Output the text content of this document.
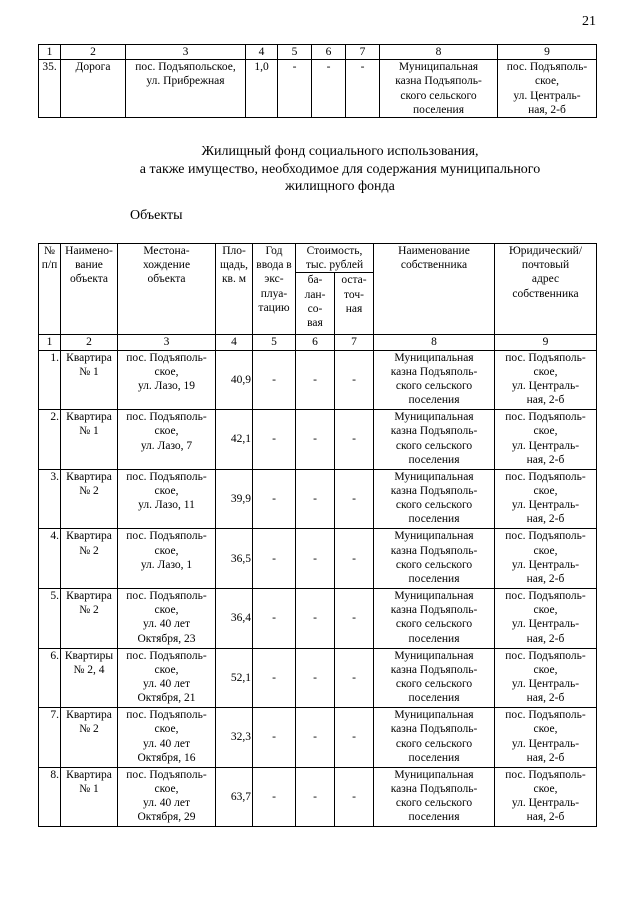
21
1	2	3	4	5	6	7	8	9
35.	Дорога	пос. Подъяпольское,
ул. Прибрежная	1,0	-	-	-	Муниципальная
казна Подъяполь-
ского сельского
поселения	пос. Подъяполь-
ское,
ул. Централь-
ная, 2-б
Жилищный фонд социального использования,
а также имущество, необходимое для содержания муниципального
жилищного фонда
Объекты
№
п/п	Наимено-
вание
объекта	Местона-
хождение
объекта	Пло-
щадь,
кв. м	Год
ввода в
экс-
плуа-
тацию	Стоимость,
тыс. рублей		Наименование
собственника	Юридический/
почтовый
адрес
собственника
					ба-
лан-
со-
вая	оста-
точ-
ная		
1	2	3	4	5	6	7	8	9
1.	Квартира
№ 1	пос. Подъяполь-
ское,
ул. Лазо, 19	40,9	-	-	-	Муниципальная
казна Подъяполь-
ского сельского
поселения	пос. Подъяполь-
ское,
ул. Централь-
ная, 2-б
2.	Квартира
№ 1	пос. Подъяполь-
ское,
ул. Лазо, 7	42,1	-	-	-	Муниципальная
казна Подъяполь-
ского сельского
поселения	пос. Подъяполь-
ское,
ул. Централь-
ная, 2-б
3.	Квартира
№ 2	пос. Подъяполь-
ское,
ул. Лазо, 11	39,9	-	-	-	Муниципальная
казна Подъяполь-
ского сельского
поселения	пос. Подъяполь-
ское,
ул. Централь-
ная, 2-б
4.	Квартира
№ 2	пос. Подъяполь-
ское,
ул. Лазо, 1	36,5	-	-	-	Муниципальная
казна Подъяполь-
ского сельского
поселения	пос. Подъяполь-
ское,
ул. Централь-
ная, 2-б
5.	Квартира
№ 2	пос. Подъяполь-
ское,
ул. 40 лет
Октября, 23	36,4	-	-	-	Муниципальная
казна Подъяполь-
ского сельского
поселения	пос. Подъяполь-
ское,
ул. Централь-
ная, 2-б
6.	Квартиры
№ 2, 4	пос. Подъяполь-
ское,
ул. 40 лет
Октября, 21	52,1	-	-	-	Муниципальная
казна Подъяполь-
ского сельского
поселения	пос. Подъяполь-
ское,
ул. Централь-
ная, 2-б
7.	Квартира
№ 2	пос. Подъяполь-
ское,
ул. 40 лет
Октября, 16	32,3	-	-	-	Муниципальная
казна Подъяполь-
ского сельского
поселения	пос. Подъяполь-
ское,
ул. Централь-
ная, 2-б
8.	Квартира
№ 1	пос. Подъяполь-
ское,
ул. 40 лет
Октября, 29	63,7	-	-	-	Муниципальная
казна Подъяполь-
ского сельского
поселения	пос. Подъяполь-
ское,
ул. Централь-
ная, 2-б
